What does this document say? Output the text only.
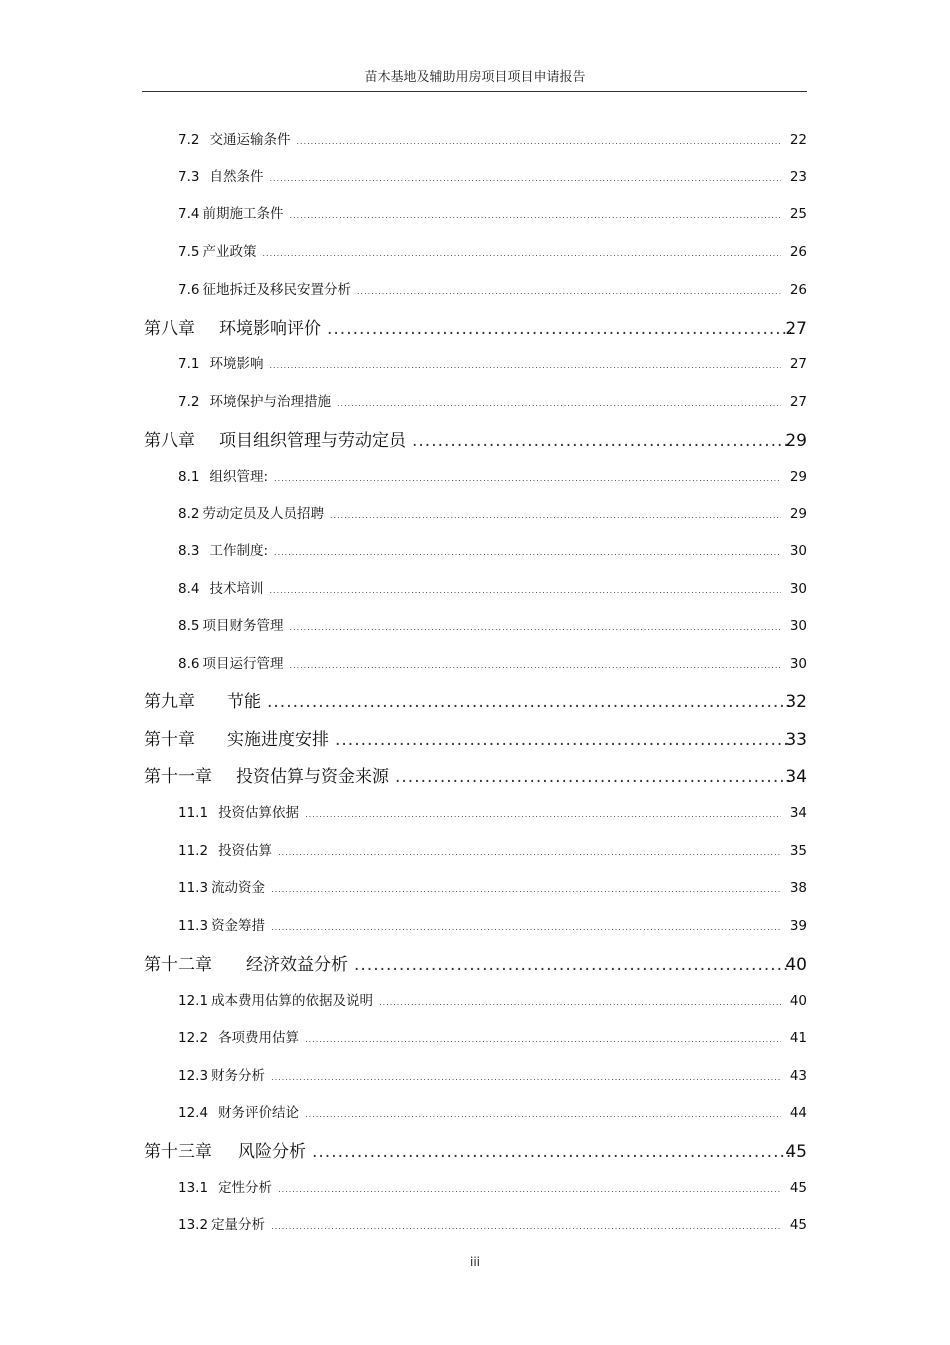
苗木基地及辅助用房项目项目申请报告
7.2 交通运输条件 .....	22
7.3 自然条件 .....	23
7.4 前期施工条件 .....	25
7.5 产业政策 .....	26
7.6 征地拆迁及移民安置分析 .....	26
第八章 环境影响评价 .....	27
7.1 环境影响 .....	27
7.2 环境保护与治理措施 .....	27
第八章 项目组织管理与劳动定员 .....	29
8.1 组织管理: .....	29
8.2 劳动定员及人员招聘 .....	29
8.3 工作制度: .....	30
8.4 技术培训 .....	30
8.5 项目财务管理 .....	30
8.6 项目运行管理 .....	30
第九章 节能 .....	32
第十章 实施进度安排 .....	33
第十一章 投资估算与资金来源 .....	34
11.1 投资估算依据 .....	34
11.2 投资估算 .....	35
11.3 流动资金 .....	38
11.3 资金筹措 .....	39
第十二章 经济效益分析 .....	40
12.1 成本费用估算的依据及说明 .....	40
12.2 各项费用估算 .....	41
12.3 财务分析 .....	43
12.4 财务评价结论 .....	44
第十三章 风险分析 .....	45
13.1 定性分析 .....	45
13.2 定量分析 .....	45
iii
